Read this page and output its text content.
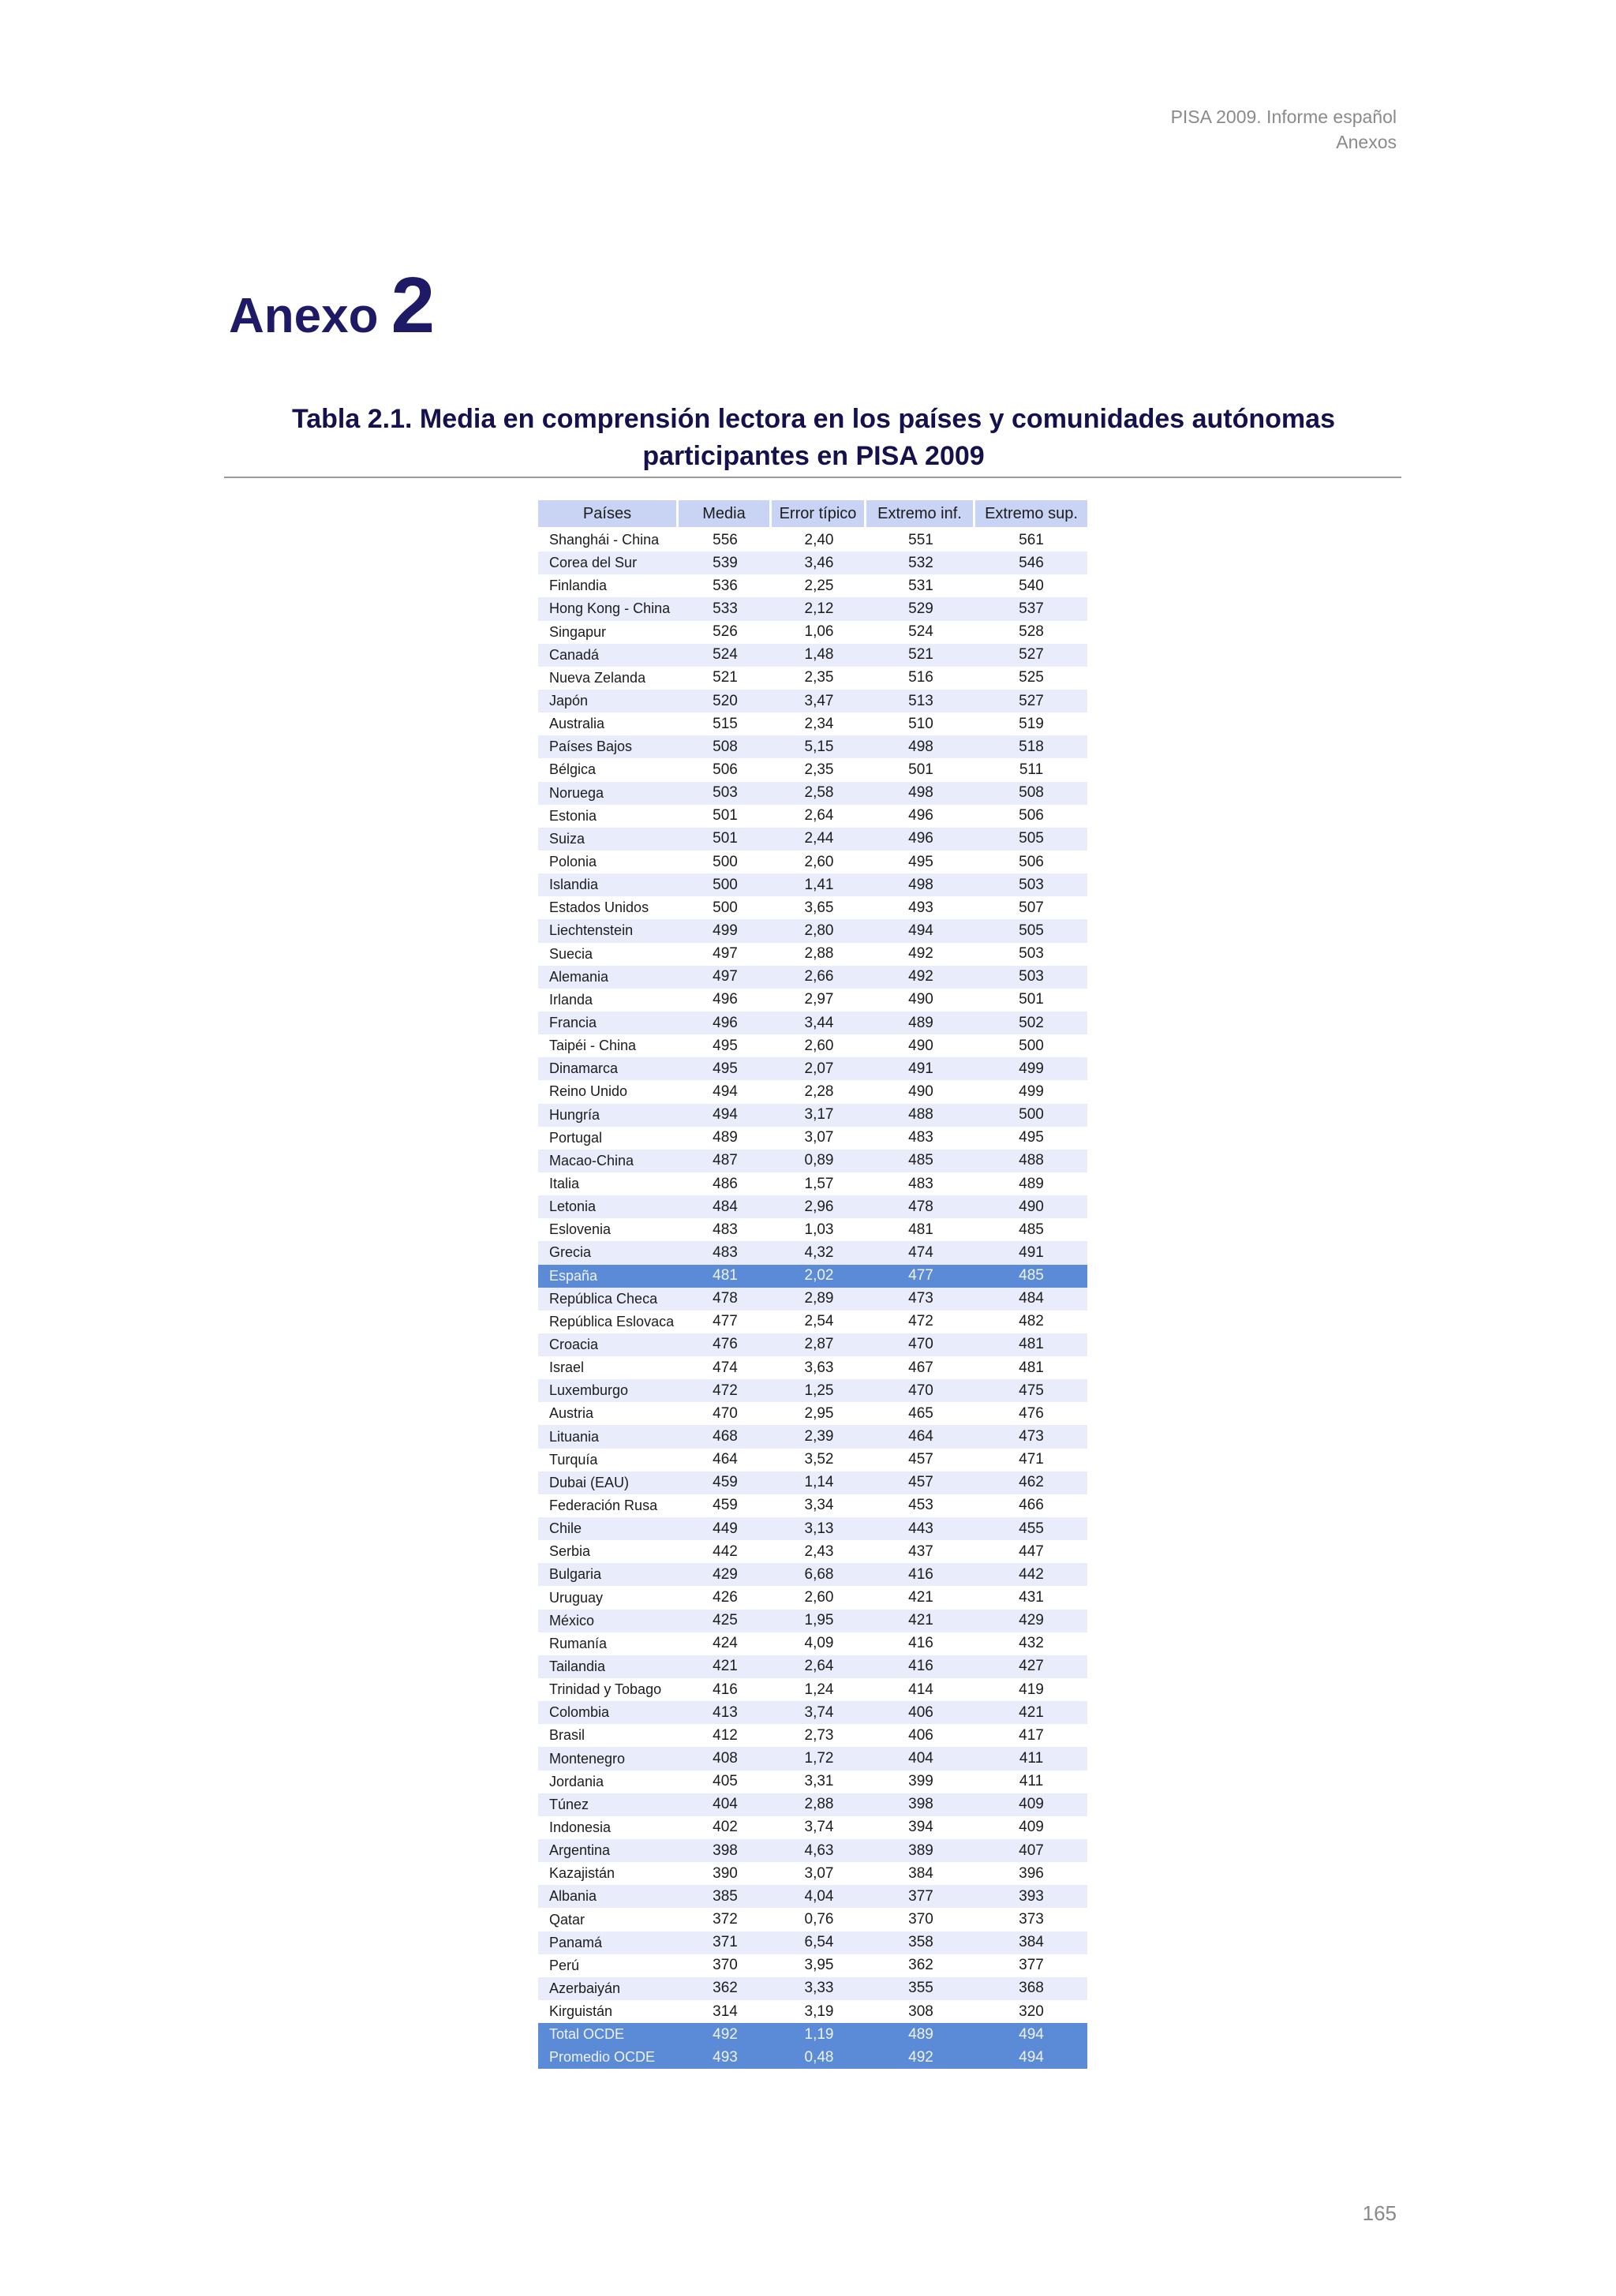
PISA 2009. Informe español
Anexos
Anexo 2
Tabla 2.1. Media en comprensión lectora en los países y comunidades autónomas
participantes en PISA 2009
Países	Media	Error típico	Extremo inf.	Extremo sup.
Shanghái - China	556	2,40	551	561
Corea del Sur	539	3,46	532	546
Finlandia	536	2,25	531	540
Hong Kong - China	533	2,12	529	537
Singapur	526	1,06	524	528
Canadá	524	1,48	521	527
Nueva Zelanda	521	2,35	516	525
Japón	520	3,47	513	527
Australia	515	2,34	510	519
Países Bajos	508	5,15	498	518
Bélgica	506	2,35	501	511
Noruega	503	2,58	498	508
Estonia	501	2,64	496	506
Suiza	501	2,44	496	505
Polonia	500	2,60	495	506
Islandia	500	1,41	498	503
Estados Unidos	500	3,65	493	507
Liechtenstein	499	2,80	494	505
Suecia	497	2,88	492	503
Alemania	497	2,66	492	503
Irlanda	496	2,97	490	501
Francia	496	3,44	489	502
Taipéi - China	495	2,60	490	500
Dinamarca	495	2,07	491	499
Reino Unido	494	2,28	490	499
Hungría	494	3,17	488	500
Portugal	489	3,07	483	495
Macao-China	487	0,89	485	488
Italia	486	1,57	483	489
Letonia	484	2,96	478	490
Eslovenia	483	1,03	481	485
Grecia	483	4,32	474	491
España	481	2,02	477	485
República Checa	478	2,89	473	484
República Eslovaca	477	2,54	472	482
Croacia	476	2,87	470	481
Israel	474	3,63	467	481
Luxemburgo	472	1,25	470	475
Austria	470	2,95	465	476
Lituania	468	2,39	464	473
Turquía	464	3,52	457	471
Dubai (EAU)	459	1,14	457	462
Federación Rusa	459	3,34	453	466
Chile	449	3,13	443	455
Serbia	442	2,43	437	447
Bulgaria	429	6,68	416	442
Uruguay	426	2,60	421	431
México	425	1,95	421	429
Rumanía	424	4,09	416	432
Tailandia	421	2,64	416	427
Trinidad y Tobago	416	1,24	414	419
Colombia	413	3,74	406	421
Brasil	412	2,73	406	417
Montenegro	408	1,72	404	411
Jordania	405	3,31	399	411
Túnez	404	2,88	398	409
Indonesia	402	3,74	394	409
Argentina	398	4,63	389	407
Kazajistán	390	3,07	384	396
Albania	385	4,04	377	393
Qatar	372	0,76	370	373
Panamá	371	6,54	358	384
Perú	370	3,95	362	377
Azerbaiyán	362	3,33	355	368
Kirguistán	314	3,19	308	320
Total OCDE	492	1,19	489	494
Promedio OCDE	493	0,48	492	494
165
